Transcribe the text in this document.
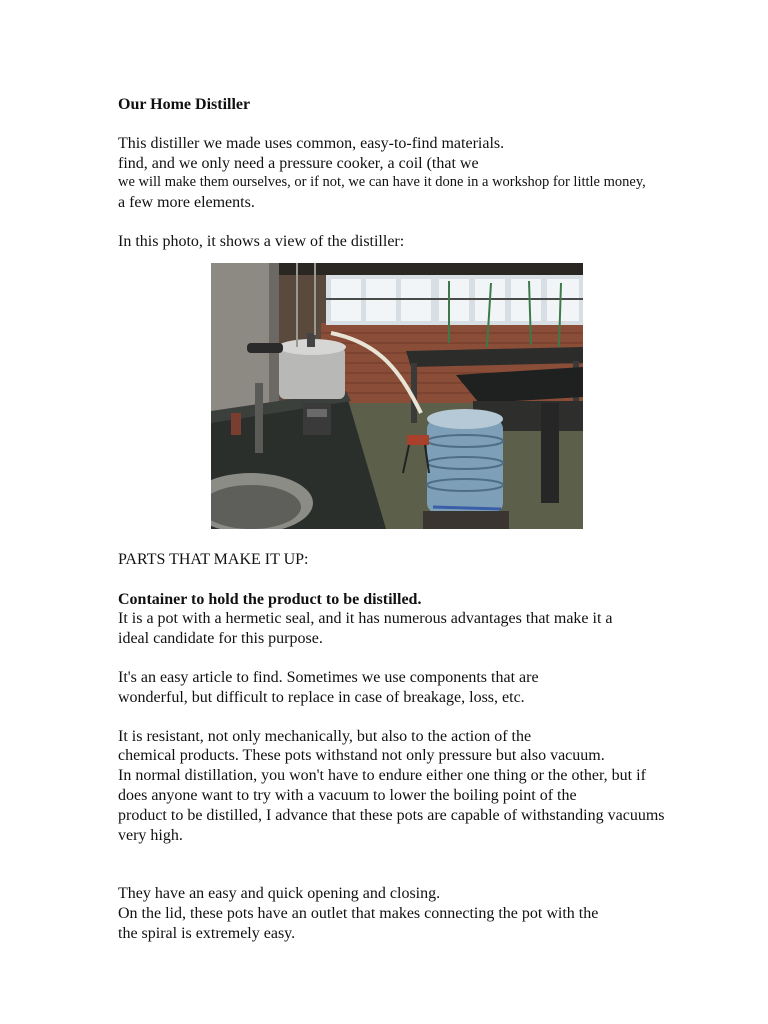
Our Home Distiller
This distiller we made uses common, easy-to-find materials.
find, and we only need a pressure cooker, a coil (that we
we will make them ourselves, or if not, we can have it done in a workshop for little money,
a few more elements.
In this photo, it shows a view of the distiller:
PARTS THAT MAKE IT UP:
Container to hold the product to be distilled.
It is a pot with a hermetic seal, and it has numerous advantages that make it a
ideal candidate for this purpose.
It's an easy article to find. Sometimes we use components that are
wonderful, but difficult to replace in case of breakage, loss, etc.
It is resistant, not only mechanically, but also to the action of the
chemical products. These pots withstand not only pressure but also vacuum.
In normal distillation, you won't have to endure either one thing or the other, but if
does anyone want to try with a vacuum to lower the boiling point of the
product to be distilled, I advance that these pots are capable of withstanding vacuums
very high.
They have an easy and quick opening and closing.
On the lid, these pots have an outlet that makes connecting the pot with the
the spiral is extremely easy.
